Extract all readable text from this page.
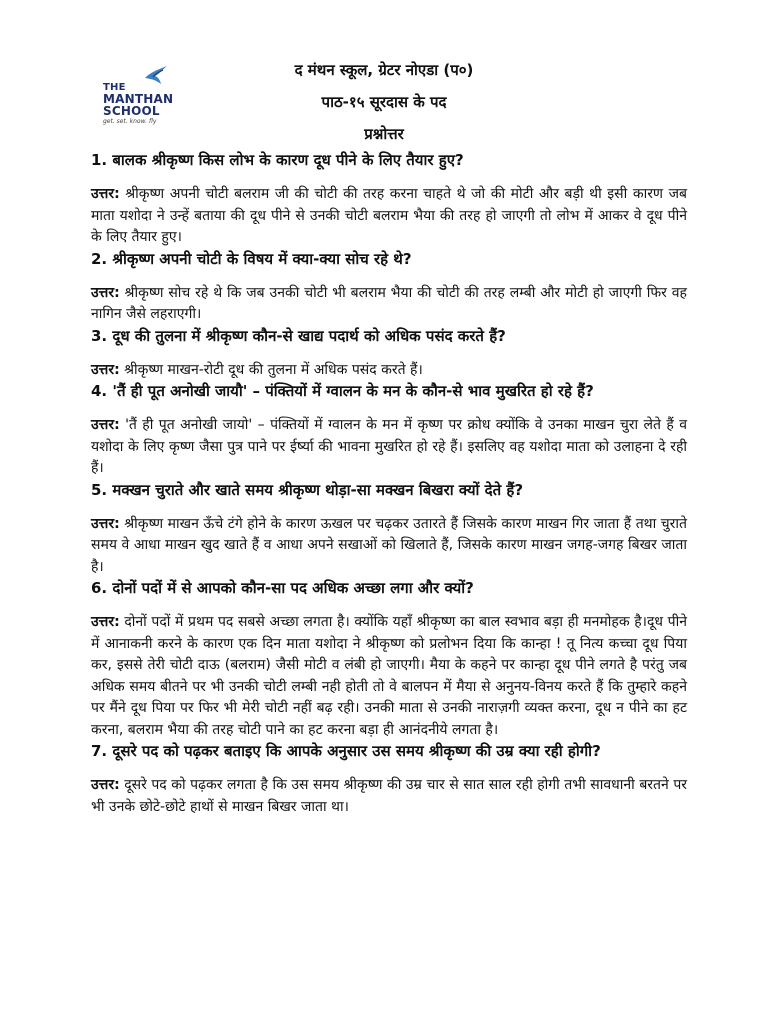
THE
MANTHAN
SCHOOL
get. set. know. fly
द मंथन स्कूल, ग्रेटर नोएडा (प०)
पाठ-१५ सूरदास के पद
प्रश्नोत्तर

1. बालक श्रीकृष्ण किस लोभ के कारण दूध पीने के लिए तैयार हुए?

उत्तर: श्रीकृष्ण अपनी चोटी बलराम जी की चोटी की तरह करना चाहते थे जो की मोटी और बड़ी थी इसी कारण जब माता यशोदा ने उन्हें बताया की दूध पीने से उनकी चोटी बलराम भैया की तरह हो जाएगी तो लोभ में आकर वे दूध पीने के लिए तैयार हुए।

2. श्रीकृष्ण अपनी चोटी के विषय में क्या-क्या सोच रहे थे?

उत्तर: श्रीकृष्ण सोच रहे थे कि जब उनकी चोटी भी बलराम भैया की चोटी की तरह लम्बी और मोटी हो जाएगी फिर वह नागिन जैसे लहराएगी।

3. दूध की तुलना में श्रीकृष्ण कौन-से खाद्य पदार्थ को अधिक पसंद करते हैं?

उत्तर: श्रीकृष्ण माखन-रोटी दूध की तुलना में अधिक पसंद करते हैं।

4. 'तैं ही पूत अनोखी जायौ' – पंक्तियों में ग्वालन के मन के कौन-से भाव मुखरित हो रहे हैं?

उत्तर: 'तैं ही पूत अनोखी जायो' – पंक्तियों में ग्वालन के मन में कृष्ण पर क्रोध क्योंकि वे उनका माखन चुरा लेते हैं व यशोदा के लिए कृष्ण जैसा पुत्र पाने पर ईर्ष्या की भावना मुखरित हो रहे हैं। इसलिए वह यशोदा माता को उलाहना दे रही हैं।

5. मक्खन चुराते और खाते समय श्रीकृष्ण थोड़ा-सा मक्खन बिखरा क्यों देते हैं?

उत्तर: श्रीकृष्ण माखन ऊँचे टंगे होने के कारण ऊखल पर चढ़कर उतारते हैं जिसके कारण माखन गिर जाता हैं तथा चुराते समय वे आधा माखन खुद खाते हैं व आधा अपने सखाओं को खिलाते हैं, जिसके कारण माखन जगह-जगह बिखर जाता है।

6. दोनों पदों में से आपको कौन-सा पद अधिक अच्छा लगा और क्यों?

उत्तर: दोनों पदों में प्रथम पद सबसे अच्छा लगता है। क्योंकि यहाँ श्रीकृष्ण का बाल स्वभाव बड़ा ही मनमोहक है।दूध पीने में आनाकनी करने के कारण एक दिन माता यशोदा ने श्रीकृष्ण को प्रलोभन दिया कि कान्हा ! तू नित्य कच्चा दूध पिया कर, इससे तेरी चोटी दाऊ (बलराम) जैसी मोटी व लंबी हो जाएगी। मैया के कहने पर कान्हा दूध पीने लगते है परंतु जब अधिक समय बीतने पर भी उनकी चोटी लम्बी नही होती तो वे बालपन में मैया से अनुनय-विनय करते हैं कि तुम्हारे कहने पर मैंने दूध पिया पर फिर भी मेरी चोटी नहीं बढ़ रही। उनकी माता से उनकी नाराज़गी व्यक्त करना, दूध न पीने का हट करना, बलराम भैया की तरह चोटी पाने का हट करना बड़ा ही आनंदनीये लगता है।

7. दूसरे पद को पढ़कर बताइए कि आपके अनुसार उस समय श्रीकृष्ण की उम्र क्या रही होगी?

उत्तर: दूसरे पद को पढ़कर लगता है कि उस समय श्रीकृष्ण की उम्र चार से सात साल रही होगी तभी सावधानी बरतने पर भी उनके छोटे-छोटे हाथों से माखन बिखर जाता था।
